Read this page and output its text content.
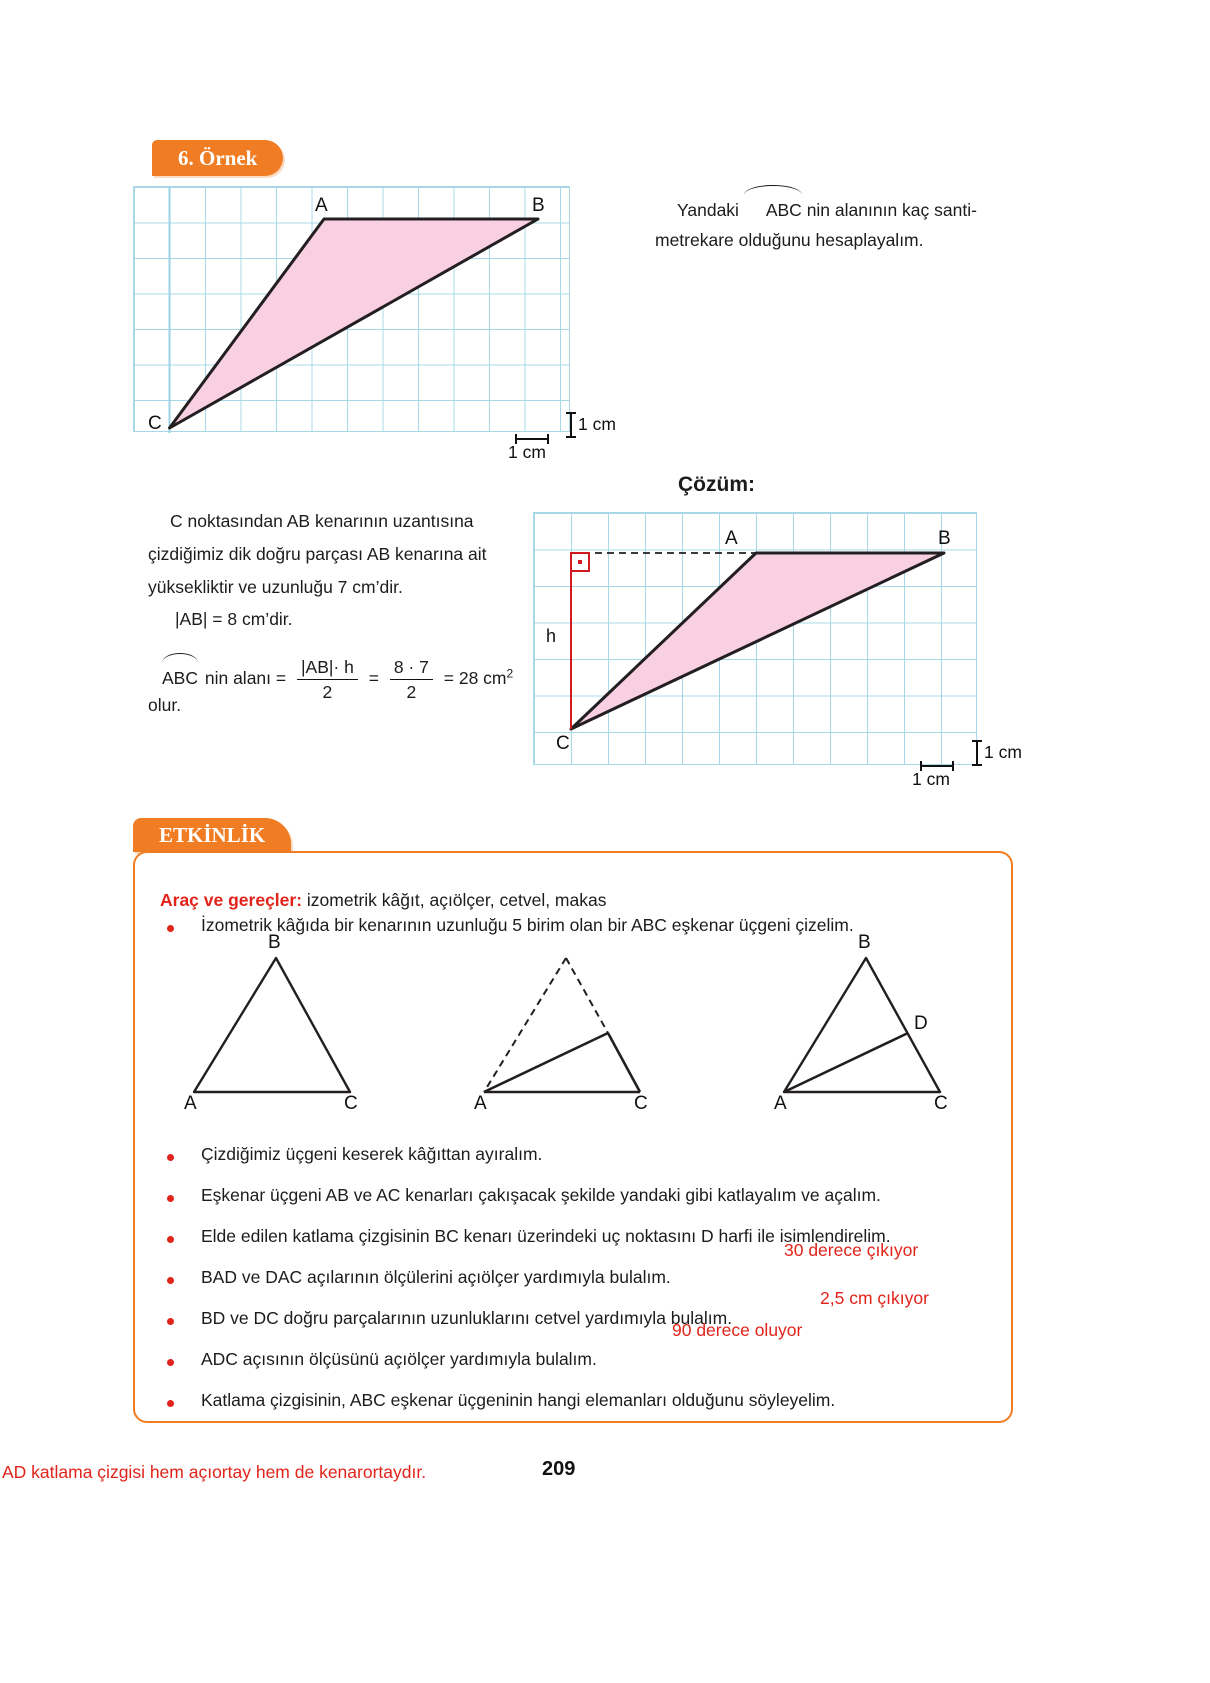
6. Örnek
A	B
C	1 cm
1 cm
Yandaki ABC nin alanının kaç santi-
metrekare olduğunu hesaplayalım.
Çözüm:
C noktasından AB kenarının uzantısına
çizdiğimiz dik doğru parçası AB kenarına ait
yüksekliktir ve uzunluğu 7 cm’dir.
|AB| = 8 cm’dir.
ABC nin alanı = $\frac{|AB|\cdot h}{2} = \frac{8 \cdot 7}{2} = 28$ $cm^2$
olur.
A	B
C
h
1 cm
1 cm
ETKİNLİK
Araç ve gereçler: izometrik kâğıt, açıölçer, cetvel, makas
İzometrik kâğıda bir kenarının uzunluğu 5 birim olan bir ABC eşkenar üçgeni çizelim.
B
A	C	A	C
B
A	C
D
Çizdiğimiz üçgeni keserek kâğıttan ayıralım.
Eşkenar üçgeni AB ve AC kenarları çakışacak şekilde yandaki gibi katlayalım ve açalım.
Elde edilen katlama çizgisinin BC kenarı üzerindeki uç noktasını D harfi ile isimlendirelim.
BAD ve DAC açılarının ölçülerini açıölçer yardımıyla bulalım.
30 derece çıkıyor
BD ve DC doğru parçalarının uzunluklarını cetvel yardımıyla bulalım.
2,5 cm çıkıyor
ADC açısının ölçüsünü açıölçer yardımıyla bulalım.
90 derece oluyor
Katlama çizgisinin, ABC eşkenar üçgeninin hangi elemanları olduğunu söyleyelim.
AD katlama çizgisi hem açıortay hem de kenarortaydır.	209
